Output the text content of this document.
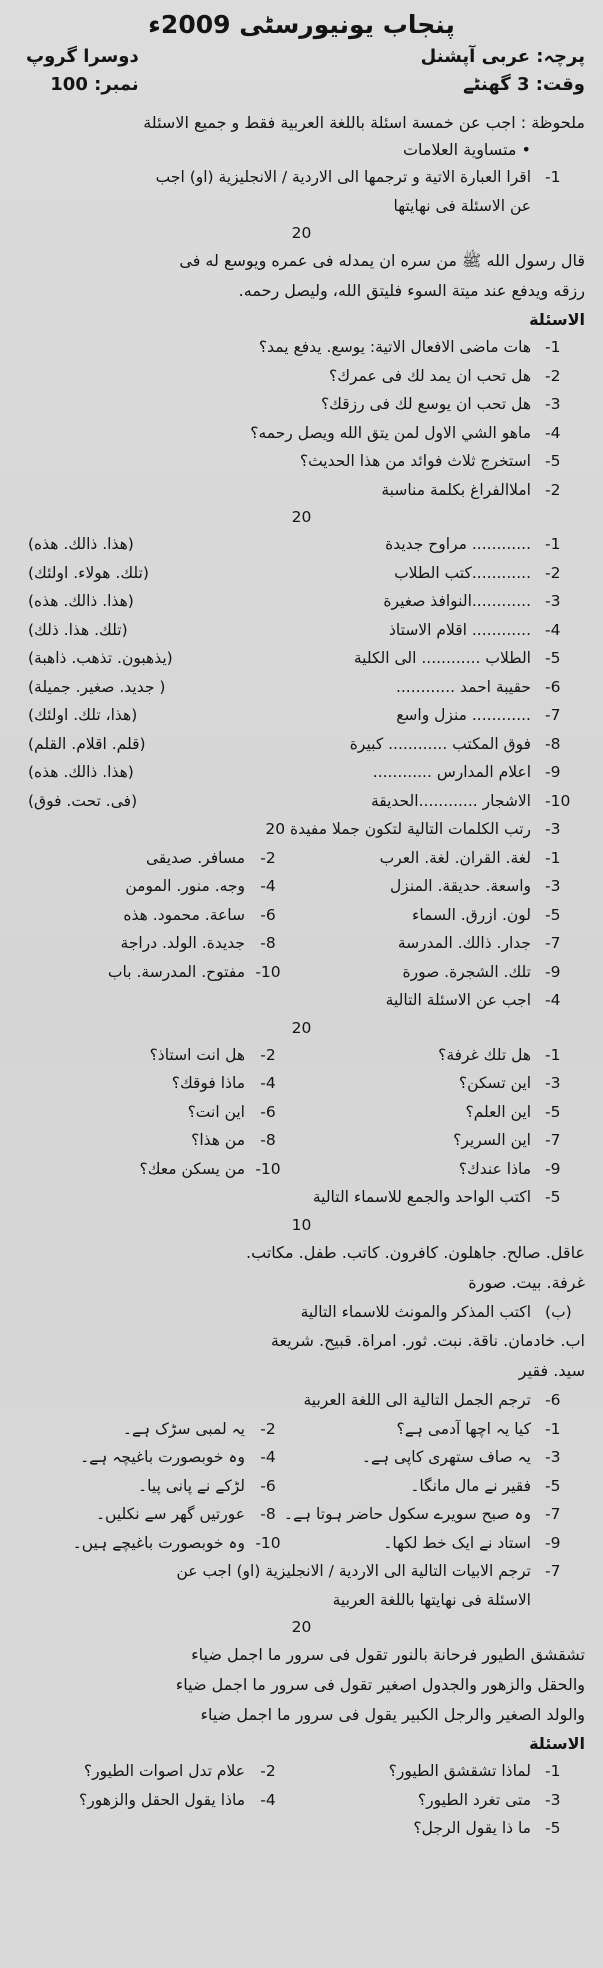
پنجاب یونیورسٹی 2009ء
پرچہ: عربی آپشنل
وقت: 3 گھنٹے
دوسرا گروپ
نمبر: 100
ملحوظة : اجب عن خمسة اسئلة باللغة العربية فقط و جميع الاسئلة
• متساوية العلامات
-1
اقرا العبارة الاتية و ترجمها الى الاردية / الانجليزية (او) اجب
عن الاسئلة فى نهايتها
20
قال رسول الله ﷺ من سره ان يمدله فى عمره ويوسع له فى
رزقه ويدفع عند ميتة السوء فليتق الله، وليصل رحمه.
الاسئلة
-1
هات ماضى الافعال الاتية: يوسع. يدفع يمد؟
-2
هل تحب ان يمد لك فى عمرك؟
-3
هل تحب ان يوسع لك فى رزقك؟
-4
ماهو الشي الاول لمن يتق الله ويصل رحمه؟
-5
استخرج ثلاث فوائد من هذا الحديث؟
-2
املاالفراغ بكلمة مناسبة
20
-1
............ مراوح جديدة
(هذا. ذالك. هذه)
-2
............كتب الطلاب
(تلك. هولاء. اولئك)
-3
............النوافذ صغيرة
(هذا. ذالك. هذه)
-4
............ اقلام الاستاذ
(تلك. هذا. ذلك)
-5
الطلاب ............ الى الكلية
(يذهبون. تذهب. ذاهبة)
-6
حقيبة احمد ............
( جديد. صغير. جميلة)
-7
............ منزل واسع
(هذا، تلك. اولئك)
-8
فوق المكتب ............ كبيرة
(قلم. اقلام. القلم)
-9
اعلام المدارس ............
(هذا. ذالك. هذه)
-10
الاشجار ............الحديقة
(فى. تحت. فوق)
-3
رتب الكلمات التالية لتكون جملا مفيدة 20
-1
لغة. القران. لغة. العرب
-2
مسافر. صديقى
-3
واسعة. حديقة. المنزل
-4
وجه. منور. المومن
-5
لون. ازرق. السماء
-6
ساعة. محمود. هذه
-7
جدار. ذالك. المدرسة
-8
جديدة. الولد. دراجة
-9
تلك. الشجرة. صورة
-10
مفتوح. المدرسة. باب
-4
اجب عن الاسئلة التالية
20
-1
هل تلك غرفة؟
-2
هل انت استاذ؟
-3
اين تسكن؟
-4
ماذا فوقك؟
-5
اين العلم؟
-6
اين انت؟
-7
اين السرير؟
-8
من هذا؟
-9
ماذا عندك؟
-10
من يسكن معك؟
-5
اكتب الواحد والجمع للاسماء التالية
10
عاقل. صالح. جاهلون. كافرون. كاتب. طفل. مكاتب.
غرفة. بيت. صورة
(ب)
اكتب المذكر والمونث للاسماء التالية
اب. خادمان. ناقة. نبت. ثور. امراة. قبيح. شريعة
سيد. فقير
-6
ترجم الجمل التالية الى اللغة العربية
-1
کیا یہ اچھا آدمی ہے؟
-2
یہ لمبی سڑک ہے۔
-3
یہ صاف ستھری کاپی ہے۔
-4
وہ خوبصورت باغیچہ ہے۔
-5
فقیر نے مال مانگا۔
-6
لڑکے نے پانی پیا۔
-7
وہ صبح سویرے سکول حاضر ہوتا ہے۔
-8
عورتیں گھر سے نکلیں۔
-9
استاد نے ایک خط لکھا۔
-10
وہ خوبصورت باغیچے ہیں۔
-7
ترجم الابيات التالية الى الاردية / الانجليزية (او) اجب عن
الاسئلة فى نهايتها باللغة العربية
20
تشقشق الطيور فرحانة بالنور تقول فى سرور ما اجمل ضياء
والحقل والزهور والجدول اصغير تقول فى سرور ما اجمل ضياء
والولد الصغير والرجل الكبير يقول فى سرور ما اجمل ضياء
الاسئلة
-1
لماذا تشقشق الطيور؟
-2
علام تدل اصوات الطيور؟
-3
متى تغرد الطيور؟
-4
ماذا يقول الحقل والزهور؟
-5
ما ذا يقول الرجل؟
